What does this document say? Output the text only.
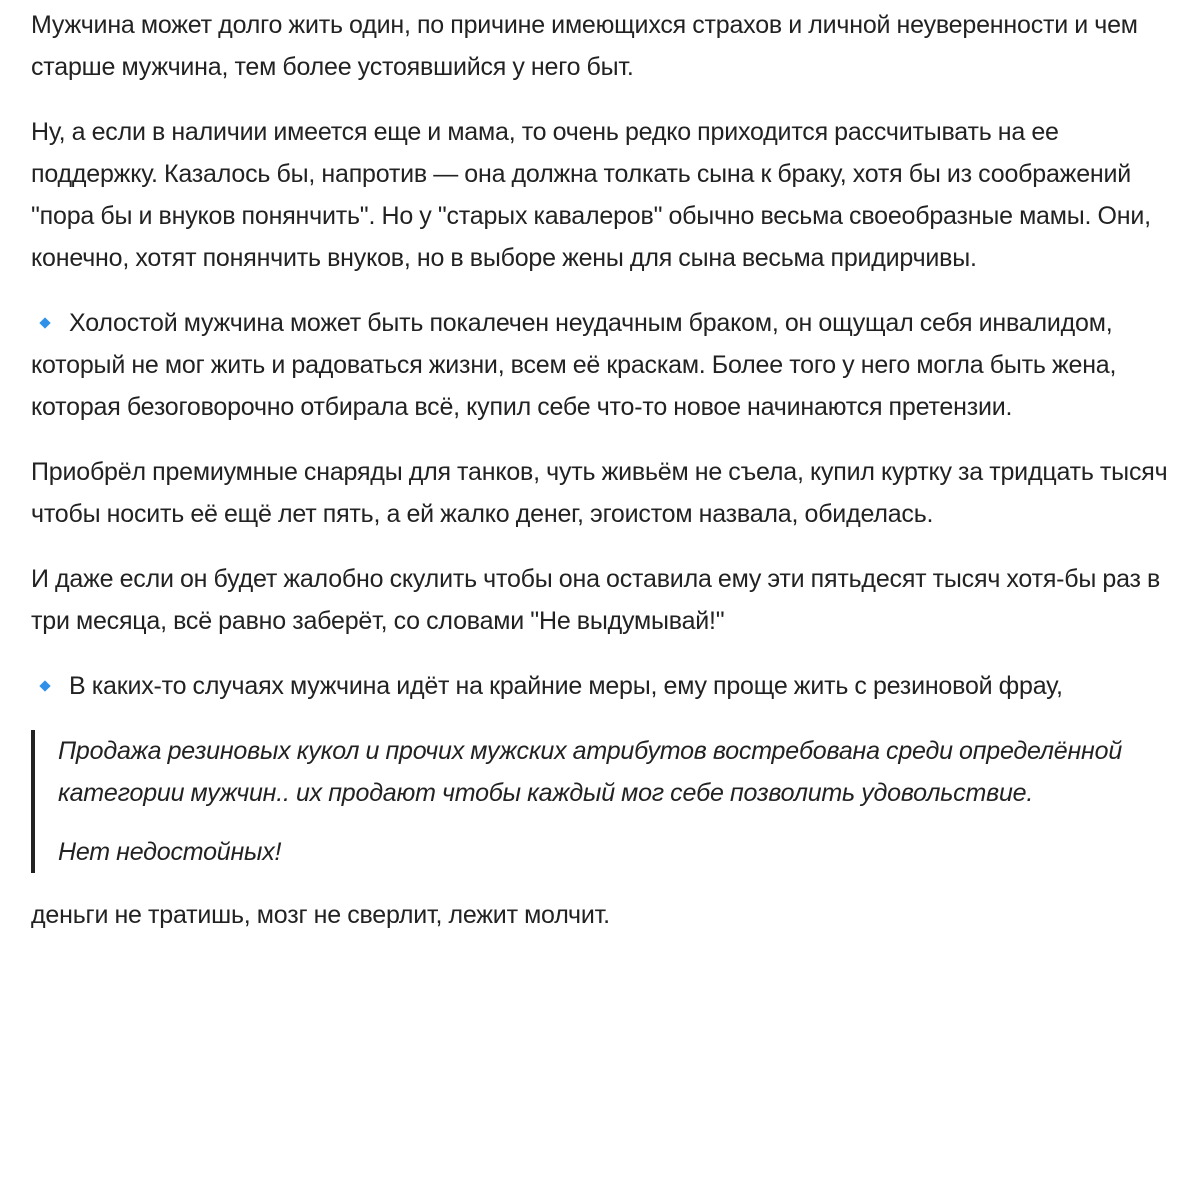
Мужчина может долго жить один, по причине имеющихся страхов и личной неуверенности и чем старше мужчина, тем более устоявшийся у него быт.

Ну, а если в наличии имеется еще и мама, то очень редко приходится рассчитывать на ее поддержку. Казалось бы, напротив — она должна толкать сына к браку, хотя бы из соображений "пора бы и внуков понянчить". Но у "старых кавалеров" обычно весьма своеобразные мамы. Они, конечно, хотят понянчить внуков, но в выборе жены для сына весьма придирчивы.

Холостой мужчина может быть покалечен неудачным браком, он ощущал себя инвалидом, который не мог жить и радоваться жизни, всем её краскам. Более того у него могла быть жена, которая безоговорочно отбирала всё, купил себе что-то новое начинаются претензии.

Приобрёл премиумные снаряды для танков, чуть живьём не съела, купил куртку за тридцать тысяч чтобы носить её ещё лет пять, а ей жалко денег, эгоистом назвала, обиделась.

И даже если он будет жалобно скулить чтобы она оставила ему эти пятьдесят тысяч хотя-бы раз в три месяца, всё равно заберёт, со словами "Не выдумывай!"

В каких-то случаях мужчина идёт на крайние меры, ему проще жить с резиновой фрау,

Продажа резиновых кукол и прочих мужских атрибутов востребована среди определённой категории мужчин.. их продают чтобы каждый мог себе позволить удовольствие.

Нет недостойных!

деньги не тратишь, мозг не сверлит, лежит молчит.
